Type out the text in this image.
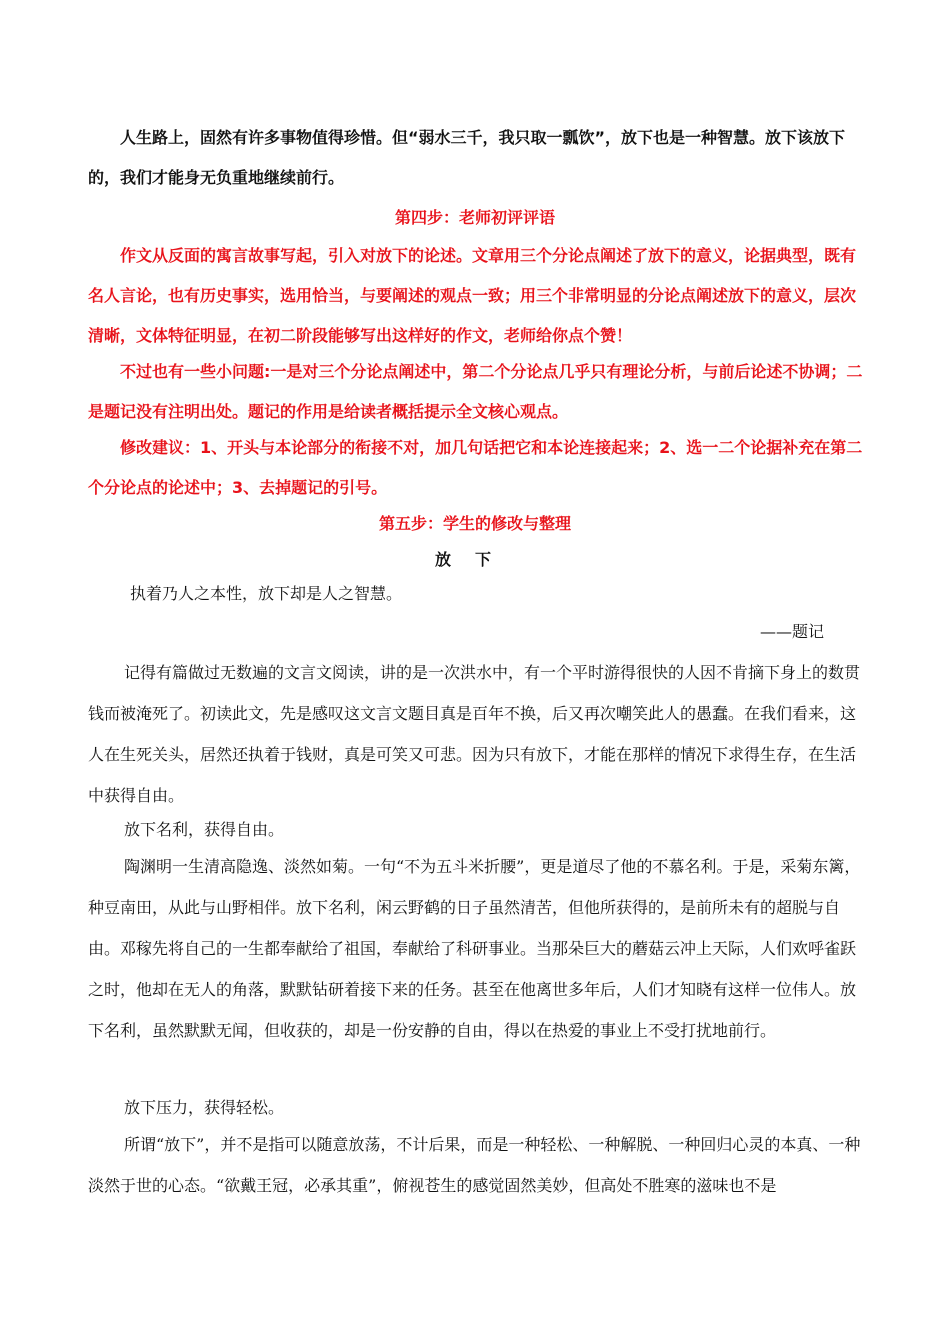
人生路上，固然有许多事物值得珍惜。但“弱水三千，我只取一瓢饮”，放下也是一种智慧。放下该放下的，我们才能身无负重地继续前行。

第四步：老师初评评语

作文从反面的寓言故事写起，引入对放下的论述。文章用三个分论点阐述了放下的意义，论据典型，既有名人言论，也有历史事实，选用恰当，与要阐述的观点一致；用三个非常明显的分论点阐述放下的意义，层次清晰，文体特征明显，在初二阶段能够写出这样好的作文，老师给你点个赞！

不过也有一些小问题:一是对三个分论点阐述中，第二个分论点几乎只有理论分析，与前后论述不协调；二是题记没有注明出处。题记的作用是给读者概括提示全文核心观点。

修改建议：1、开头与本论部分的衔接不对，加几句话把它和本论连接起来；2、选一二个论据补充在第二个分论点的论述中；3、去掉题记的引号。

第五步：学生的修改与整理

放下

执着乃人之本性，放下却是人之智慧。

——题记

记得有篇做过无数遍的文言文阅读，讲的是一次洪水中，有一个平时游得很快的人因不肯摘下身上的数贯钱而被淹死了。初读此文，先是感叹这文言文题目真是百年不换，后又再次嘲笑此人的愚蠢。在我们看来，这人在生死关头，居然还执着于钱财，真是可笑又可悲。因为只有放下，才能在那样的情况下求得生存，在生活中获得自由。

放下名利，获得自由。

陶渊明一生清高隐逸、淡然如菊。一句“不为五斗米折腰”，更是道尽了他的不慕名利。于是，采菊东篱，种豆南田，从此与山野相伴。放下名利，闲云野鹤的日子虽然清苦，但他所获得的，是前所未有的超脱与自由。邓稼先将自己的一生都奉献给了祖国，奉献给了科研事业。当那朵巨大的蘑菇云冲上天际，人们欢呼雀跃之时，他却在无人的角落，默默钻研着接下来的任务。甚至在他离世多年后，人们才知晓有这样一位伟人。放下名利，虽然默默无闻，但收获的，却是一份安静的自由，得以在热爱的事业上不受打扰地前行。

放下压力，获得轻松。

所谓“放下”，并不是指可以随意放荡，不计后果，而是一种轻松、一种解脱、一种回归心灵的本真、一种淡然于世的心态。“欲戴王冠，必承其重”，俯视苍生的感觉固然美妙，但高处不胜寒的滋味也不是
